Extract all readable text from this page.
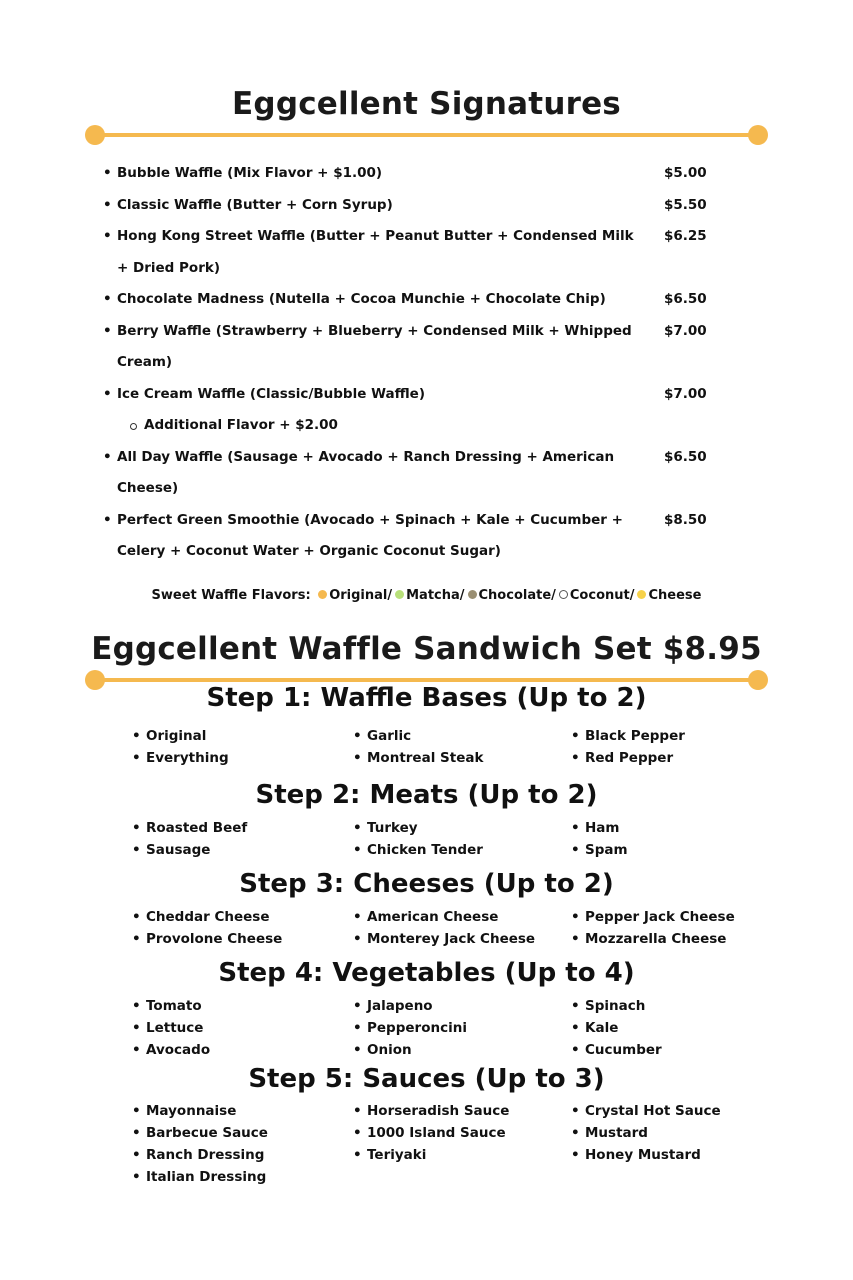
Eggcellent Signatures
• Bubble Waffle (Mix Flavor + $1.00)	$5.00
• Classic Waffle (Butter + Corn Syrup)	$5.50
• Hong Kong Street Waffle (Butter + Peanut Butter + Condensed Milk + Dried Pork)
$6.25
• Chocolate Madness (Nutella + Cocoa Munchie + Chocolate Chip)	$6.50
• Berry Waffle (Strawberry + Blueberry + Condensed Milk + Whipped Cream)
$7.00
• Ice Cream Waffle (Classic/Bubble Waffle)	$7.00
Additional Flavor + $2.00
• All Day Waffle (Sausage + Avocado + Ranch Dressing + American Cheese)
$6.50
• Perfect Green Smoothie (Avocado + Spinach + Kale + Cucumber + Celery + Coconut Water + Organic Coconut Sugar)
$8.50
Sweet Waffle Flavors: Original/ Matcha/ Chocolate/ Coconut/ Cheese
Eggcellent Waffle Sandwich Set $8.95
Step 1: Waffle Bases (Up to 2)
• Original
• Everything
• Garlic
• Montreal Steak
• Black Pepper
• Red Pepper
Step 2: Meats (Up to 2)
• Roasted Beef
• Sausage
• Turkey
• Chicken Tender
• Ham
• Spam
Step 3: Cheeses (Up to 2)
• Cheddar Cheese
• Provolone Cheese
• American Cheese
• Monterey Jack Cheese
• Pepper Jack Cheese
• Mozzarella Cheese
Step 4: Vegetables (Up to 4)
• Tomato
• Lettuce
• Avocado
• Jalapeno
• Pepperoncini
• Onion
• Spinach
• Kale
• Cucumber
Step 5: Sauces (Up to 3)
• Mayonnaise
• Barbecue Sauce
• Ranch Dressing
• Italian Dressing
• Horseradish Sauce
• 1000 Island Sauce
• Teriyaki
• Crystal Hot Sauce
• Mustard
• Honey Mustard
